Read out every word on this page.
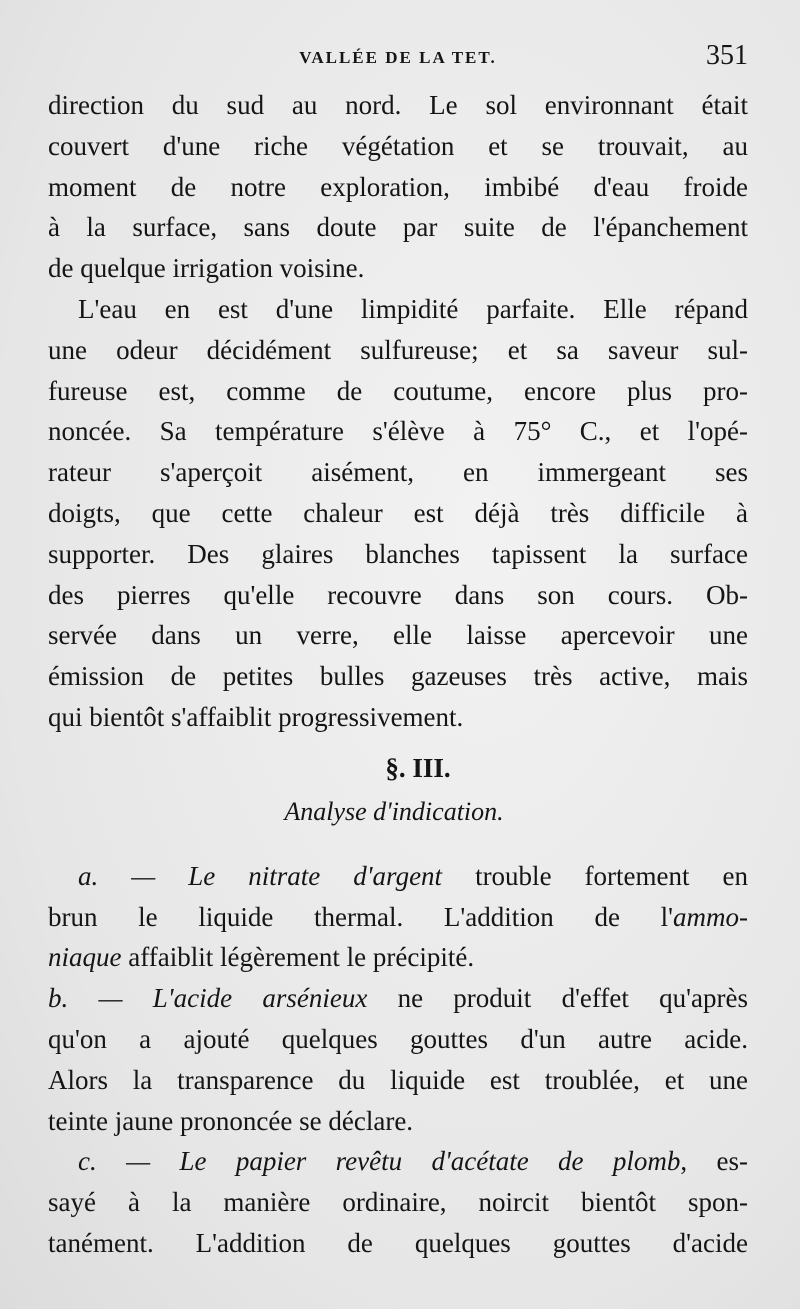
VALLÉE DE LA TET.	351
direction du sud au nord. Le sol environnant était
couvert d'une riche végétation et se trouvait, au
moment de notre exploration, imbibé d'eau froide
à la surface, sans doute par suite de l'épanchement
de quelque irrigation voisine.
L'eau en est d'une limpidité parfaite. Elle répand
une odeur décidément sulfureuse; et sa saveur sul-
fureuse est, comme de coutume, encore plus pro-
noncée. Sa température s'élève à 75° C., et l'opé-
rateur s'aperçoit aisément, en immergeant ses
doigts, que cette chaleur est déjà très difficile à
supporter. Des glaires blanches tapissent la surface
des pierres qu'elle recouvre dans son cours. Ob-
servée dans un verre, elle laisse apercevoir une
émission de petites bulles gazeuses très active, mais
qui bientôt s'affaiblit progressivement.
§. III.
Analyse d'indication.
a. — Le nitrate d'argent trouble fortement en
brun le liquide thermal. L'addition de l'ammo-
niaque affaiblit légèrement le précipité.
b. — L'acide arsénieux ne produit d'effet qu'après
qu'on a ajouté quelques gouttes d'un autre acide.
Alors la transparence du liquide est troublée, et une
teinte jaune prononcée se déclare.
c. — Le papier revêtu d'acétate de plomb, es-
sayé à la manière ordinaire, noircit bientôt spon-
tanément. L'addition de quelques gouttes d'acide
